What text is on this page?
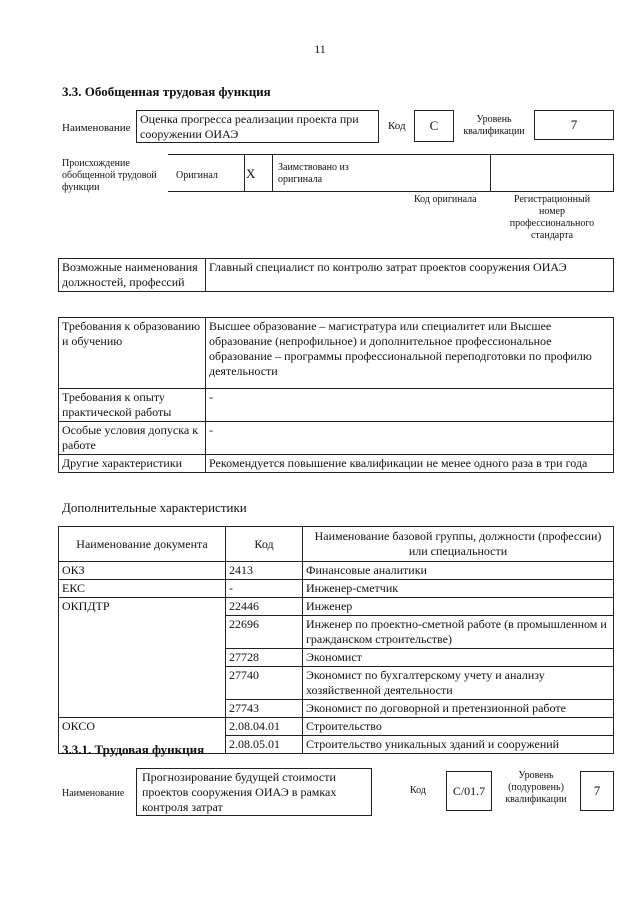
11
3.3. Обобщенная трудовая функция
Наименование
Оценка прогресса реализации проекта при сооружении ОИАЭ
Код	C	Уровень квалификации	7
Происхождение обобщенной трудовой функции
Оригинал X Заимствовано из оригинала
Код оригинала	Регистрационный номер профессионального стандарта
Возможные наименования должностей, профессий	Главный специалист по контролю затрат проектов сооружения ОИАЭ
Требования к образованию и обучению	Высшее образование – магистратура или специалитет или Высшее образование (непрофильное) и дополнительное профессиональное образование – программы профессиональной переподготовки по профилю деятельности
Требования к опыту практической работы	-
Особые условия допуска к работе	-
Другие характеристики	Рекомендуется повышение квалификации не менее одного раза в три года
Дополнительные характеристики
Наименование документа	Код	Наименование базовой группы, должности (профессии) или специальности
ОКЗ	2413	Финансовые аналитики
ЕКС	-	Инженер-сметчик
ОКПДТР	22446	Инженер
	22696	Инженер по проектно-сметной работе (в промышленном и гражданском строительстве)
	27728	Экономист
	27740	Экономист по бухгалтерскому учету и анализу хозяйственной деятельности
	27743	Экономист по договорной и претензионной работе
ОКСО	2.08.04.01	Строительство
	2.08.05.01	Строительство уникальных зданий и сооружений
3.3.1. Трудовая функция
Наименование
Прогнозирование будущей стоимости проектов сооружения ОИАЭ в рамках контроля затрат
Код	C/01.7
Уровень (подуровень) квалификации
7
